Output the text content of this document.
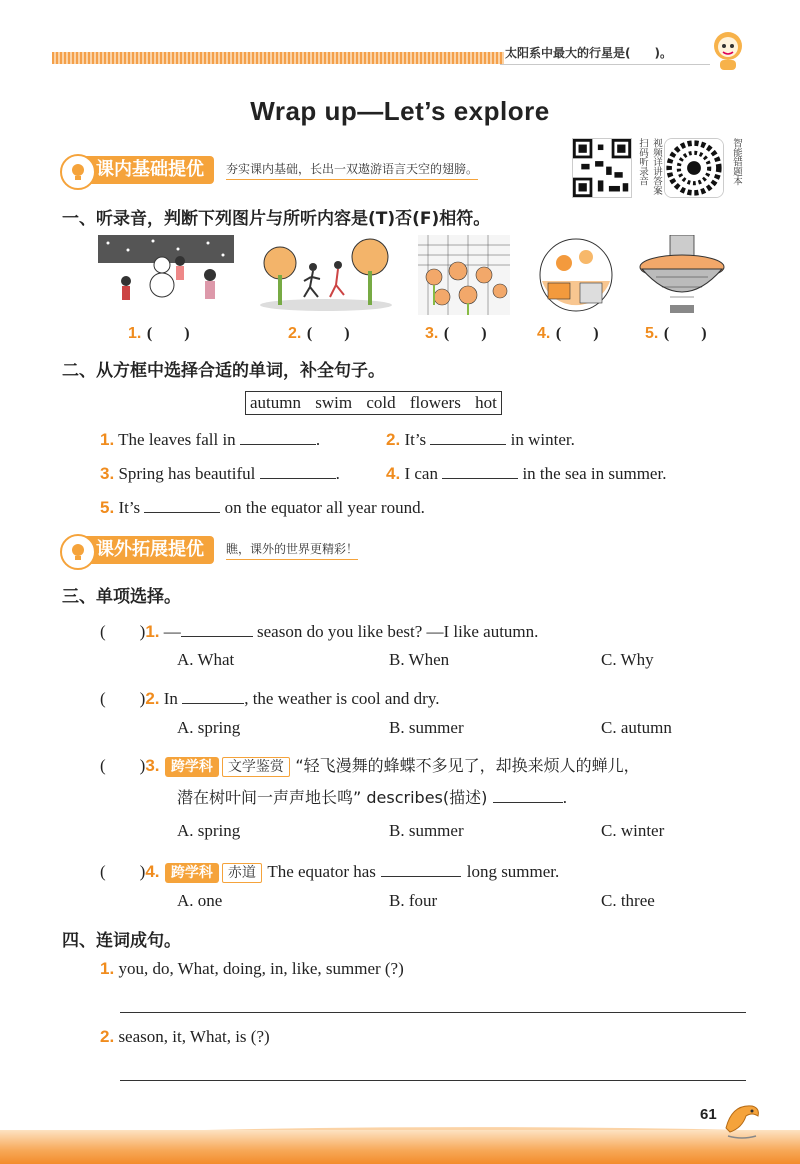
太阳系中最大的行星是(　　)。
Wrap up—Let’s explore
课内基础提优	夯实课内基础，长出一双遨游语言天空的翅膀。	扫码听录音 视频详讲答案	智能错题本
一、听录音，判断下列图片与所听内容是(T)否(F)相符。
1. (　　)	2. (　　)	3. (　　)	4. (　　)	5. (　　)
二、从方框中选择合适的单词，补全句子。
autumn swim cold flowers hot
1. The leaves fall in	.	2. It’s	in winter.
3. Spring has beautiful	.	4. I can	in the sea in summer.
5. It’s	on the equator all year round.
课外拓展提优	瞧，课外的世界更精彩！
三、单项选择。
(　　)1. —	season do you like best? —I like autumn.
A. What	B. When	C. Why
(　　)2. In	, the weather is cool and dry.
A. spring	B. summer	C. autumn
(　　)3. 跨学科 文学鉴赏 “轻飞漫舞的蜂蝶不多见了，却换来烦人的蝉儿，
潜在树叶间一声声地长鸣” describes(描述)	.
A. spring	B. summer	C. winter
(　　)4. 跨学科 赤道 The equator has	long summer.
A. one	B. four	C. three
四、连词成句。
1. you, do, What, doing, in, like, summer (?)
2. season, it, What, is (?)
61
